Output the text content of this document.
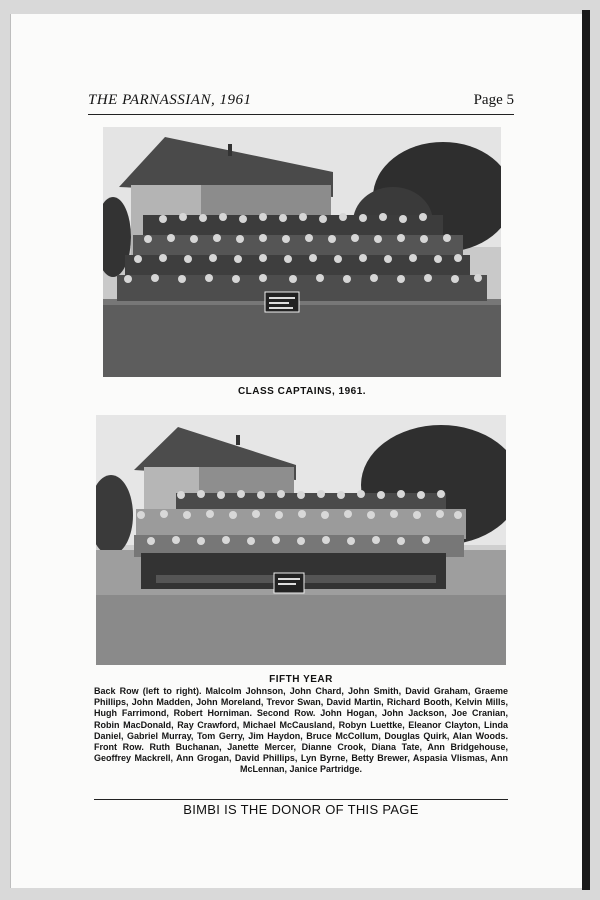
THE PARNASSIAN, 1961	Page 5
CLASS CAPTAINS, 1961.
FIFTH YEAR
Back Row (left to right). Malcolm Johnson, John Chard, John Smith, David Graham, Graeme Phillips, John Madden, John Moreland, Trevor Swan, David Martin, Richard Booth, Kelvin Mills, Hugh Farrimond, Robert Horniman. Second Row. John Hogan, John Jackson, Joe Cranian, Robin MacDonald, Ray Crawford, Michael McCausland, Robyn Luettke, Eleanor Clayton, Linda Daniel, Gabriel Murray, Tom Gerry, Jim Haydon, Bruce McCollum, Douglas Quirk, Alan Woods. Front Row. Ruth Buchanan, Janette Mercer, Dianne Crook, Diana Tate, Ann Bridgehouse, Geoffrey Mackrell, Ann Grogan, David Phillips, Lyn Byrne, Betty Brewer, Aspasia Vlismas, Ann McLennan, Janice Partridge.
BIMBI IS THE DONOR OF THIS PAGE
